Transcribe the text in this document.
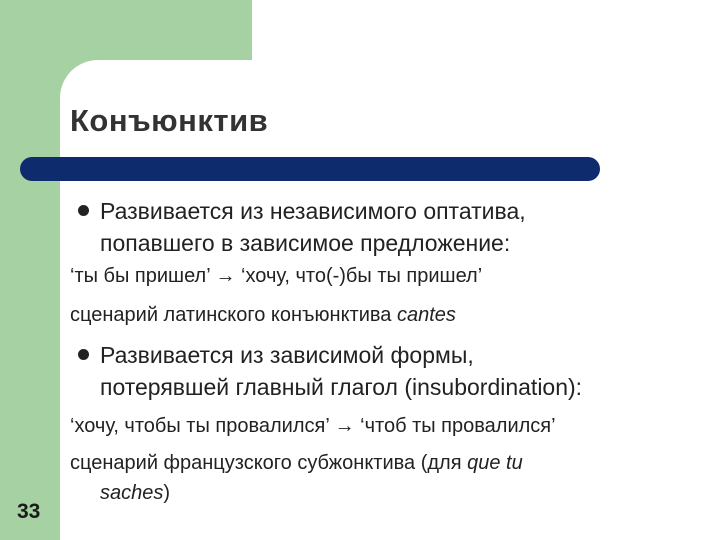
Конъюнктив
Развивается из независимого оптатива,
попавшего в зависимое предложение:
‘ты бы пришел’ → ‘хочу, что(-)бы ты пришел’
сценарий латинского конъюнктива cantes
Развивается из зависимой формы,
потерявшей главный глагол (insubordination):
‘хочу, чтобы ты провалился’ → ‘чтоб ты провалился’
сценарий французского субжонктива (для que tu
saches)
33
